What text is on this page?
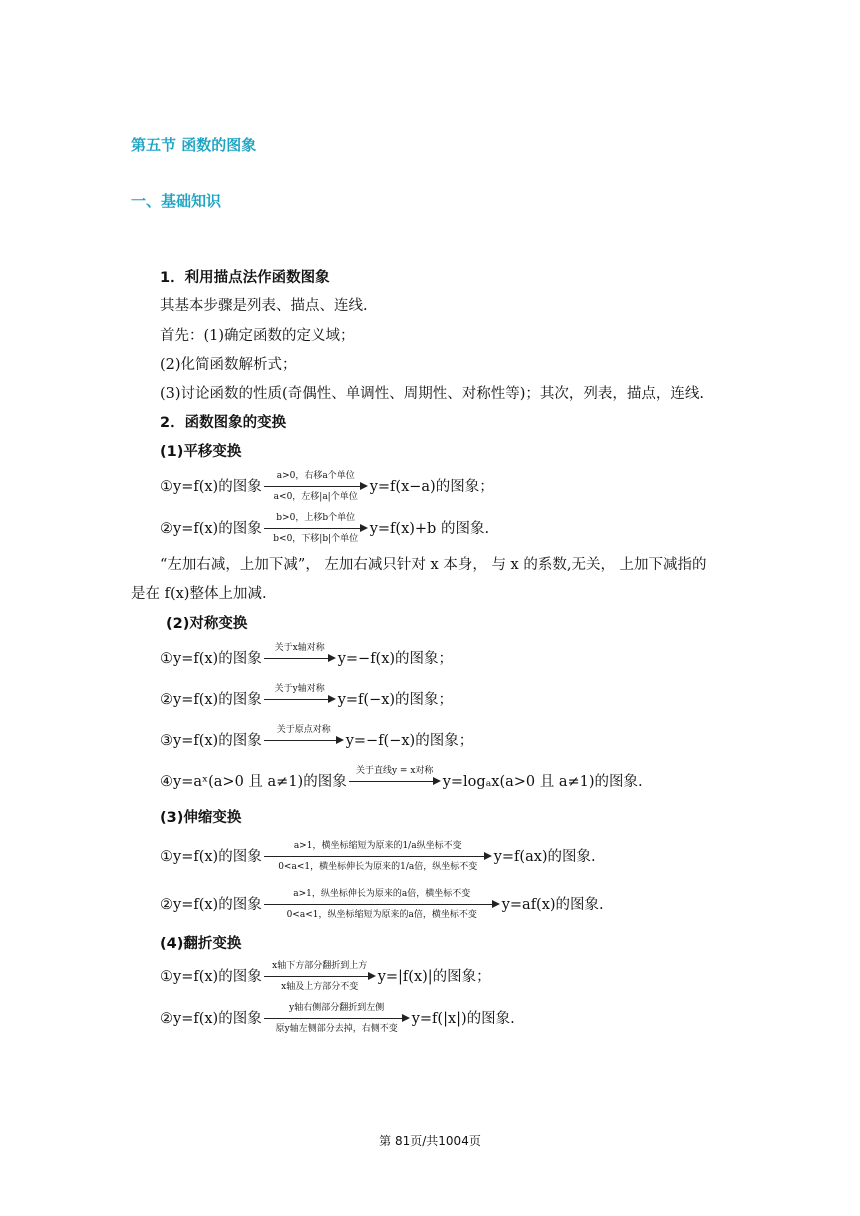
第五节 函数的图象
一、基础知识
1．利用描点法作函数图象
其基本步骤是列表、描点、连线.
首先：(1)确定函数的定义域；
(2)化简函数解析式；
(3)讨论函数的性质(奇偶性、单调性、周期性、对称性等)；其次，列表，描点，连线.
2．函数图象的变换
(1)平移变换
①y=f(x)的图象
a>0，右移a个单位
a<0，左移|a|个单位
y=f(x−a)的图象；
②y=f(x)的图象
b>0，上移b个单位
b<0，下移|b|个单位
y=f(x)+b 的图象.
“左加右减，上加下减”， 左加右减只针对 x 本身， 与 x 的系数,无关， 上加下减指的
是在 f(x)整体上加减.
(2)对称变换
①y=f(x)的图象
关于x轴对称
y=−f(x)的图象；
②y=f(x)的图象
关于y轴对称
y=f(−x)的图象；
③y=f(x)的图象
关于原点对称
y=−f(−x)的图象；
④y=aˣ(a>0 且 a≠1)的图象
关于直线y = x对称
y=logₐx(a>0 且 a≠1)的图象.
(3)伸缩变换
①y=f(x)的图象
a>1，横坐标缩短为原来的1/a纵坐标不变
0<a<1，横坐标伸长为原来的1/a倍，纵坐标不变
y=f(ax)的图象.
②y=f(x)的图象
a>1，纵坐标伸长为原来的a倍，横坐标不变
0<a<1，纵坐标缩短为原来的a倍，横坐标不变
y=af(x)的图象.
(4)翻折变换
①y=f(x)的图象
x轴下方部分翻折到上方
x轴及上方部分不变
y=|f(x)|的图象；
②y=f(x)的图象
y轴右侧部分翻折到左侧
原y轴左侧部分去掉，右侧不变
y=f(|x|)的图象.
第 81页/共1004页
